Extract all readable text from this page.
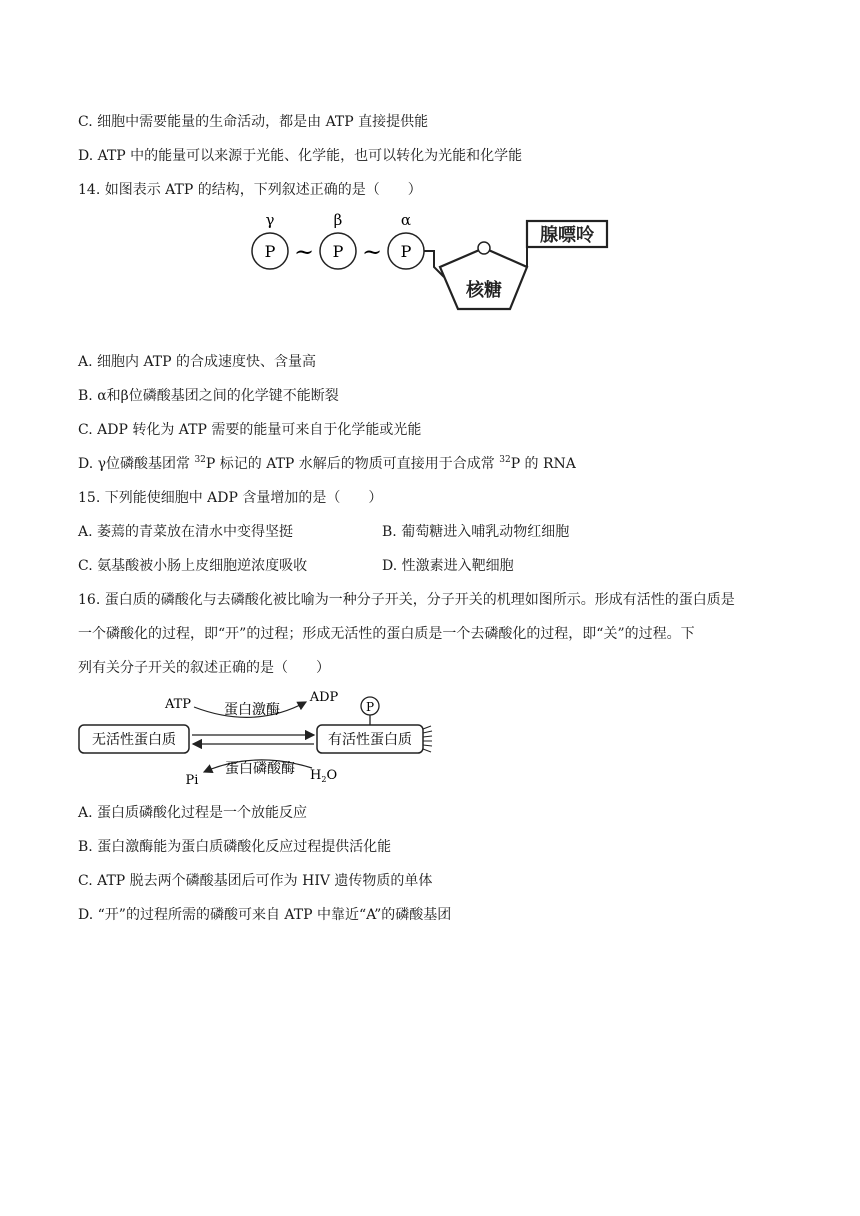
C. 细胞中需要能量的生命活动，都是由 ATP 直接提供能
D. ATP 中的能量可以来源于光能、化学能，也可以转化为光能和化学能
14. 如图表示 ATP 的结构，下列叙述正确的是（　　）
γ
P ~
β
P ~
α
P
核糖
腺嘌呤
A. 细胞内 ATP 的合成速度快、含量高
B. α和β位磷酸基团之间的化学键不能断裂
C. ADP 转化为 ATP 需要的能量可来自于化学能或光能
D. γ位磷酸基团常 $^{32}$P 标记的 ATP 水解后的物质可直接用于合成常 $^{32}$P 的 RNA
15. 下列能使细胞中 ADP 含量增加的是（　　）
A. 萎蔫的青菜放在清水中变得坚挺	B. 葡萄糖进入哺乳动物红细胞
C. 氨基酸被小肠上皮细胞逆浓度吸收	D. 性激素进入靶细胞
16. 蛋白质的磷酸化与去磷酸化被比喻为一种分子开关，分子开关的机理如图所示。形成有活性的蛋白质是
一个磷酸化的过程，即“开”的过程；形成无活性的蛋白质是一个去磷酸化的过程，即“关”的过程。下
列有关分子开关的叙述正确的是（　　）
无活性蛋白质	有活性蛋白质
P
ATP	ADP
蛋白激酶
Pi
蛋白磷酸酶 $H_2O$
A. 蛋白质磷酸化过程是一个放能反应
B. 蛋白激酶能为蛋白质磷酸化反应过程提供活化能
C. ATP 脱去两个磷酸基团后可作为 HIV 遗传物质的单体
D. “开”的过程所需的磷酸可来自 ATP 中靠近“A”的磷酸基团
